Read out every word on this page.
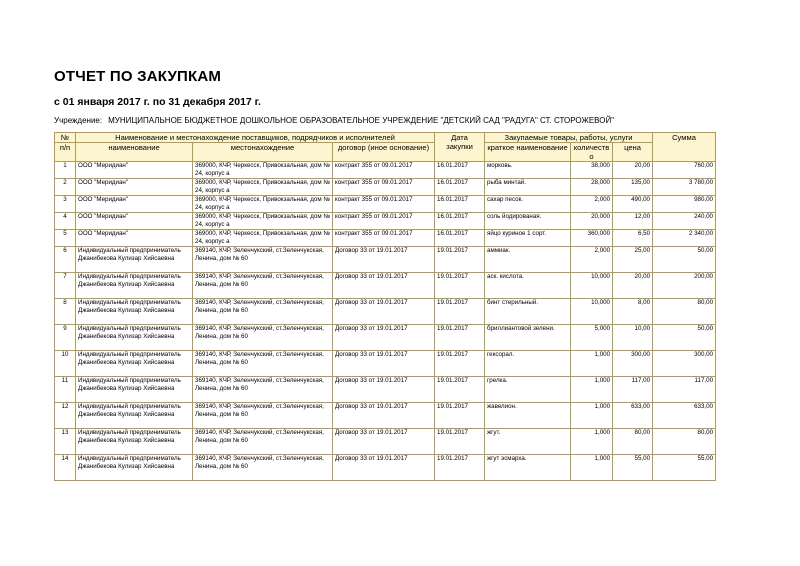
ОТЧЕТ ПО ЗАКУПКАМ
с 01 января 2017 г. по 31 декабря 2017 г.
Учреждение: МУНИЦИПАЛЬНОЕ БЮДЖЕТНОЕ ДОШКОЛЬНОЕ ОБРАЗОВАТЕЛЬНОЕ УЧРЕЖДЕНИЕ "ДЕТСКИЙ САД "РАДУГА" СТ. СТОРОЖЕВОЙ"
№	Наименование и местонахождение поставщиков, подрядчиков и исполнителей			Дата закупки	Закупаемые товары, работы, услуги			Сумма
п/п	наименование	местонахождение	договор (иное основание)		краткое наименование	количество	цена	
1	ООО "Меридиан"	369000, КЧР, Черкесск, Привокзальная, дом № 24, корпус а	контракт 355 от 09.01.2017	16.01.2017	морковь.	38,000	20,00	760,00
2	ООО "Меридиан"	369000, КЧР, Черкесск, Привокзальная, дом № 24, корпус а	контракт 355 от 09.01.2017	16.01.2017	рыба минтай.	28,000	135,00	3 780,00
3	ООО "Меридиан"	369000, КЧР, Черкесск, Привокзальная, дом № 24, корпус а	контракт 355 от 09.01.2017	16.01.2017	сахар песок.	2,000	490,00	980,00
4	ООО "Меридиан"	369000, КЧР, Черкесск, Привокзальная, дом № 24, корпус а	контракт 355 от 09.01.2017	16.01.2017	соль йодированая.	20,000	12,00	240,00
5	ООО "Меридиан"	369000, КЧР, Черкесск, Привокзальная, дом № 24, корпус а	контракт 355 от 09.01.2017	16.01.2017	яйцо куриное 1 сорт.	360,000	6,50	2 340,00
6	Индивидуальный предприниматель Джанибекова Кулизар Хийсаевна	369140, КЧР, Зеленчукский, ст.Зеленчукская, Ленина, дом № 60	Договор 33 от 19.01.2017	19.01.2017	аммиак.	2,000	25,00	50,00
7	Индивидуальный предприниматель Джанибекова Кулизар Хийсаевна	369140, КЧР, Зеленчукский, ст.Зеленчукская, Ленина, дом № 60	Договор 33 от 19.01.2017	19.01.2017	аск. кислота.	10,000	20,00	200,00
8	Индивидуальный предприниматель Джанибекова Кулизар Хийсаевна	369140, КЧР, Зеленчукский, ст.Зеленчукская, Ленина, дом № 60	Договор 33 от 19.01.2017	19.01.2017	бинт стерильный.	10,000	8,00	80,00
9	Индивидуальный предприниматель Джанибекова Кулизар Хийсаевна	369140, КЧР, Зеленчукский, ст.Зеленчукская, Ленина, дом № 60	Договор 33 от 19.01.2017	19.01.2017	бриллиантовой зелени.	5,000	10,00	50,00
10	Индивидуальный предприниматель Джанибекова Кулизар Хийсаевна	369140, КЧР, Зеленчукский, ст.Зеленчукская, Ленина, дом № 60	Договор 33 от 19.01.2017	19.01.2017	гексорал.	1,000	300,00	300,00
11	Индивидуальный предприниматель Джанибекова Кулизар Хийсаевна	369140, КЧР, Зеленчукский, ст.Зеленчукская, Ленина, дом № 60	Договор 33 от 19.01.2017	19.01.2017	грелка.	1,000	117,00	117,00
12	Индивидуальный предприниматель Джанибекова Кулизар Хийсаевна	369140, КЧР, Зеленчукский, ст.Зеленчукская, Ленина, дом № 60	Договор 33 от 19.01.2017	19.01.2017	жавелион.	1,000	633,00	633,00
13	Индивидуальный предприниматель Джанибекова Кулизар Хийсаевна	369140, КЧР, Зеленчукский, ст.Зеленчукская, Ленина, дом № 60	Договор 33 от 19.01.2017	19.01.2017	жгут.	1,000	80,00	80,00
14	Индивидуальный предприниматель Джанибекова Кулизар Хийсаевна	369140, КЧР, Зеленчукский, ст.Зеленчукская, Ленина, дом № 60	Договор 33 от 19.01.2017	19.01.2017	жгут эсмарха.	1,000	55,00	55,00
